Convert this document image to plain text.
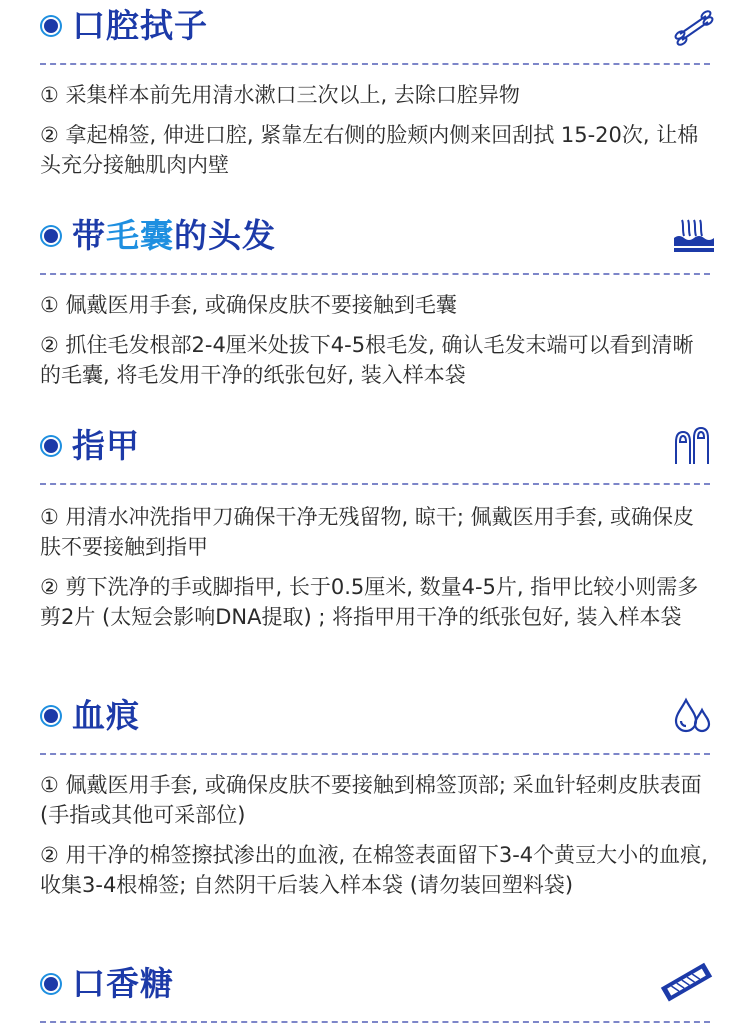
口腔拭子
① 采集样本前先用清水漱口三次以上, 去除口腔异物
② 拿起棉签, 伸进口腔, 紧靠左右侧的脸颊内侧来回刮拭 15-20次, 让棉头充分接触肌肉内壁
带毛囊的头发
① 佩戴医用手套, 或确保皮肤不要接触到毛囊
② 抓住毛发根部2-4厘米处拔下4-5根毛发, 确认毛发末端可以看到清晰的毛囊, 将毛发用干净的纸张包好, 装入样本袋
指甲
① 用清水冲洗指甲刀确保干净无残留物, 晾干; 佩戴医用手套, 或确保皮肤不要接触到指甲
② 剪下洗净的手或脚指甲, 长于0.5厘米, 数量4-5片, 指甲比较小则需多剪2片 (太短会影响DNA提取) ; 将指甲用干净的纸张包好, 装入样本袋
血痕
① 佩戴医用手套, 或确保皮肤不要接触到棉签顶部; 采血针轻刺皮肤表面 (手指或其他可采部位)
② 用干净的棉签擦拭渗出的血液, 在棉签表面留下3-4个黄豆大小的血痕, 收集3-4根棉签; 自然阴干后装入样本袋 (请勿装回塑料袋)
口香糖
